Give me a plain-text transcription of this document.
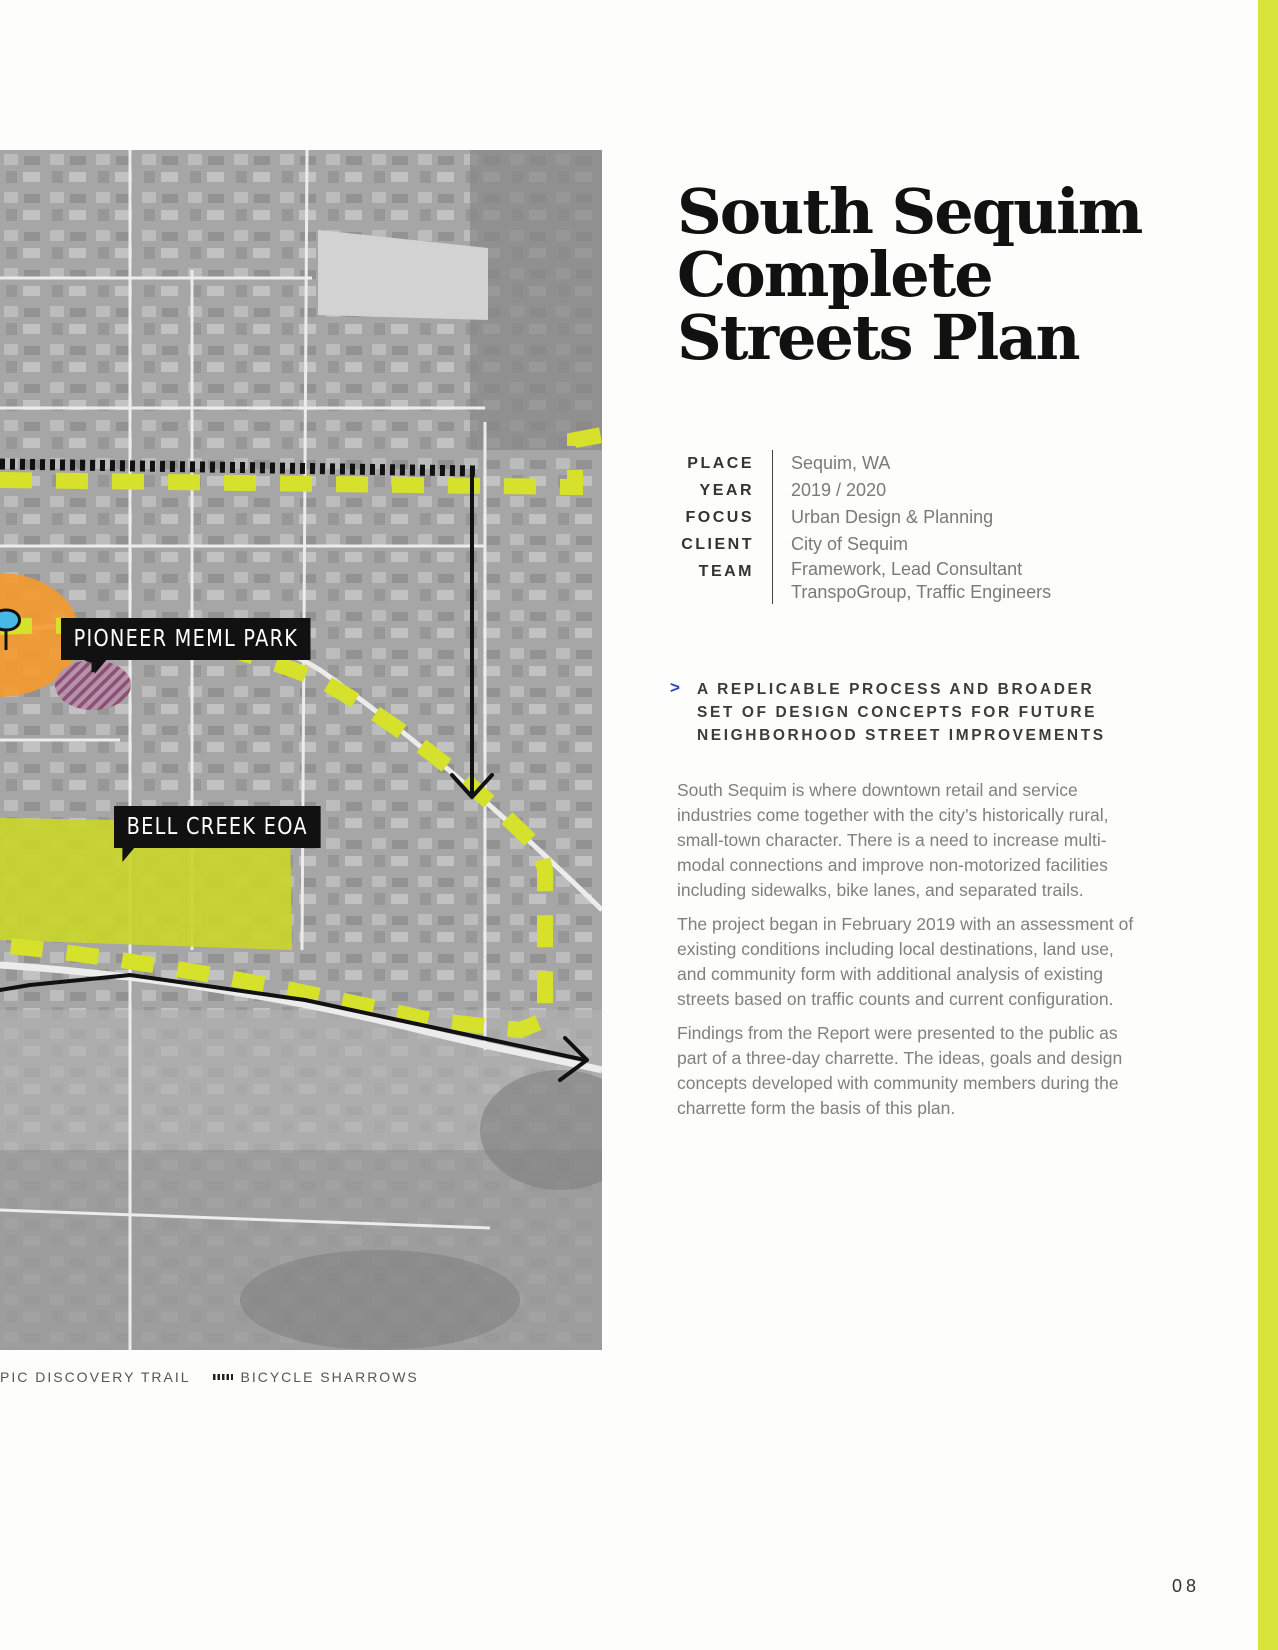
PIONEER MEML PARK
BELL CREEK EOA
PIC DISCOVERY TRAIL	BICYCLE SHARROWS
South Sequim
Complete
Streets Plan
PLACE	Sequim, WA
YEAR	2019 / 2020
FOCUS	Urban Design & Planning
CLIENT	City of Sequim
TEAM	Framework, Lead Consultant
TranspoGroup, Traffic Engineers
> A REPLICABLE PROCESS AND BROADER
SET OF DESIGN CONCEPTS FOR FUTURE
NEIGHBORHOOD STREET IMPROVEMENTS

South Sequim is where downtown retail and service industries come together with the city’s historically rural, small-town character. There is a need to increase multi-modal connections and improve non-motorized facilities including sidewalks, bike lanes, and separated trails.

The project began in February 2019 with an assessment of existing conditions including local destinations, land use, and community form with additional analysis of existing streets based on traffic counts and current configuration.

Findings from the Report were presented to the public as part of a three-day charrette. The ideas, goals and design concepts developed with community members during the charrette form the basis of this plan.

08
